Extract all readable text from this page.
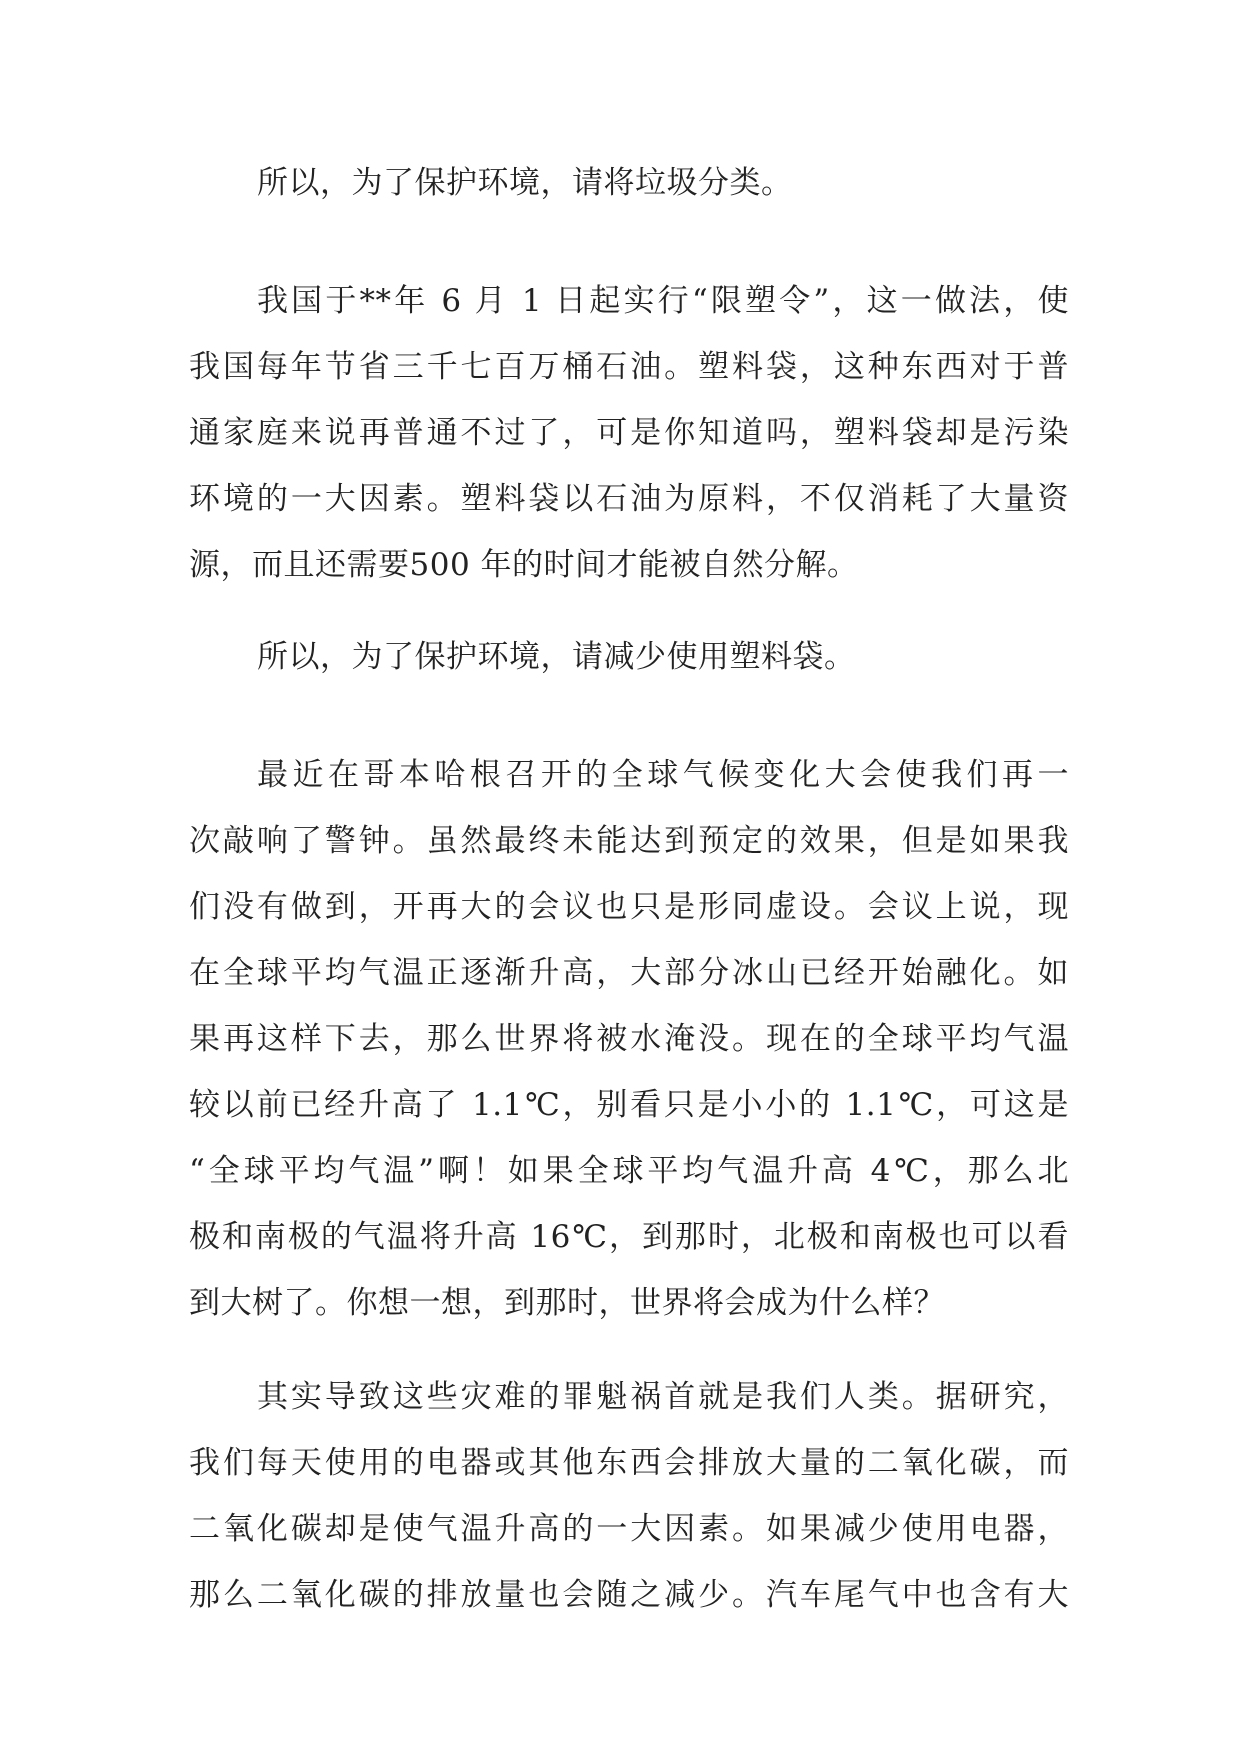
所以，为了保护环境，请将垃圾分类。
我国于**年 6 月 1 日起实行“限塑令”，这一做法，使
我国每年节省三千七百万桶石油。塑料袋，这种东西对于普
通家庭来说再普通不过了，可是你知道吗，塑料袋却是污染
环境的一大因素。塑料袋以石油为原料，不仅消耗了大量资
源，而且还需要500 年的时间才能被自然分解。
所以，为了保护环境，请减少使用塑料袋。
最近在哥本哈根召开的全球气候变化大会使我们再一
次敲响了警钟。虽然最终未能达到预定的效果，但是如果我
们没有做到，开再大的会议也只是形同虚设。会议上说，现
在全球平均气温正逐渐升高，大部分冰山已经开始融化。如
果再这样下去，那么世界将被水淹没。现在的全球平均气温
较以前已经升高了 1.1℃，别看只是小小的 1.1℃，可这是
“全球平均气温”啊！如果全球平均气温升高 4℃，那么北
极和南极的气温将升高 16℃，到那时，北极和南极也可以看
到大树了。你想一想，到那时，世界将会成为什么样？
其实导致这些灾难的罪魁祸首就是我们人类。据研究，
我们每天使用的电器或其他东西会排放大量的二氧化碳，而
二氧化碳却是使气温升高的一大因素。如果减少使用电器，
那么二氧化碳的排放量也会随之减少。汽车尾气中也含有大
